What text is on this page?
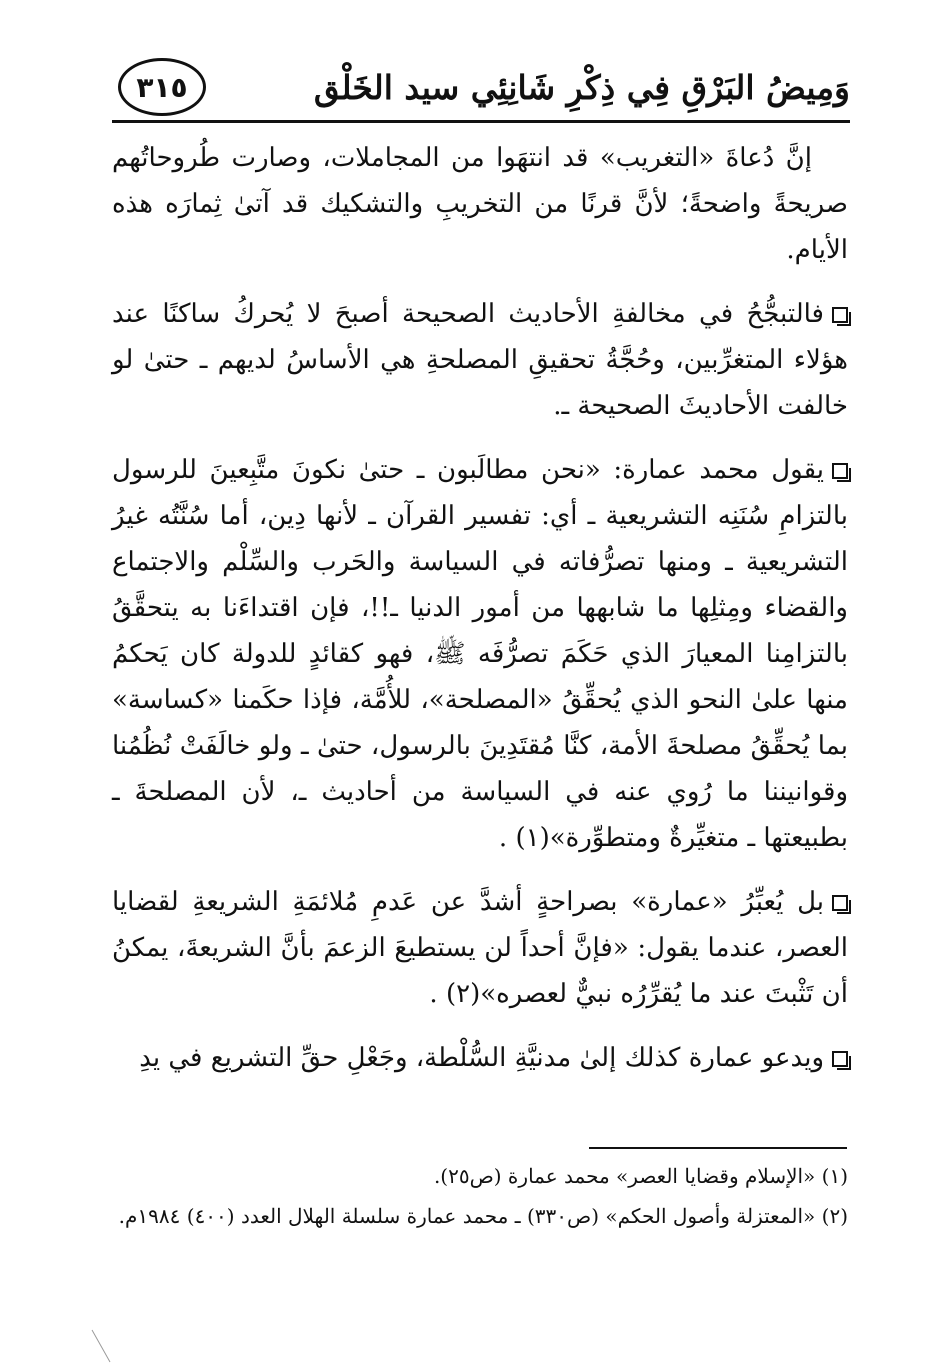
وَمِيضُ البَرْقِ فِي ذِكْرِ شَانِئِي سيد الخَلْق
٣١٥

إنَّ دُعاةَ «التغريب» قد انتهَوا من المجاملات، وصارت طُروحاتُهم صريحةً واضحةً؛ لأنَّ قرنًا من التخريبِ والتشكيك قد آتىٰ ثِمارَه هذه الأيام.

فالتبجُّحُ في مخالفةِ الأحاديث الصحيحة أصبحَ لا يُحركُ ساكنًا عند هؤلاء المتغرِّبين، وحُجَّةُ تحقيقِ المصلحةِ هي الأساسُ لديهم ـ حتىٰ لو خالفت الأحاديثَ الصحيحة ـ.

يقول محمد عمارة: «نحن مطالَبون ـ حتىٰ نكونَ متَّبِعينَ للرسول بالتزامِ سُنَنِه التشريعية ـ أي: تفسير القرآن ـ لأنها دِين، أما سُنَّتُه غيرُ التشريعية ـ ومنها تصرُّفاته في السياسة والحَرب والسِّلْم والاجتماع والقضاء ومِثلِها ما شابهها من أمور الدنيا ـ!!، فإن اقتداءَنا به يتحقَّقُ بالتزامِنا المعيارَ الذي حَكَمَ تصرُّفَه ﷺ، فهو كقائدٍ للدولة كان يَحكمُ منها علىٰ النحو الذي يُحقِّقُ «المصلحة»، للأُمَّة، فإذا حكَمنا «كساسة» بما يُحقِّقُ مصلحةَ الأمة، كنَّا مُقتَدِينَ بالرسول، حتىٰ ـ ولو خالَفَتْ نُظُمُنا وقوانيننا ما رُوي عنه في السياسة من أحاديث ـ، لأن المصلحةَ ـ بطبيعتها ـ متغيِّرةٌ ومتطوِّرة»(١) .

بل يُعبِّرُ «عمارة» بصراحةٍ أشدَّ عن عَدمِ مُلائمَةِ الشريعةِ لقضايا العصر، عندما يقول: «فإنَّ أحداً لن يستطيعَ الزعمَ بأنَّ الشريعةَ، يمكنُ أن تَثْبتَ عند ما يُقرِّرُه نبيٌّ لعصره»(٢) .

ويدعو عمارة كذلك إلىٰ مدنيَّةِ السُّلْطة، وجَعْلِ حقِّ التشريع في يدِ

(١) «الإسلام وقضايا العصر» محمد عمارة (ص٢٥).

(٢) «المعتزلة وأصول الحكم» (ص٣٣٠) ـ محمد عمارة سلسلة الهلال العدد (٤٠٠) ١٩٨٤م.
